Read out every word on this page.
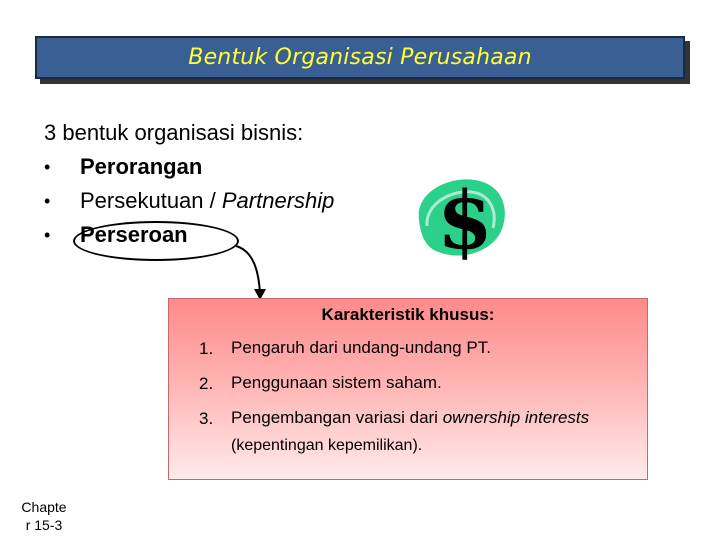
Bentuk Organisasi Perusahaan
3 bentuk organisasi bisnis:
•	Perorangan
•	Persekutuan / Partnership
•	Perseroan	$
Karakteristik khusus:
1.	Pengaruh dari undang-undang PT.
2.	Penggunaan sistem saham.
3.	Pengembangan variasi dari ownership interests
(kepentingan kepemilikan).
Chapte
r 15-3
